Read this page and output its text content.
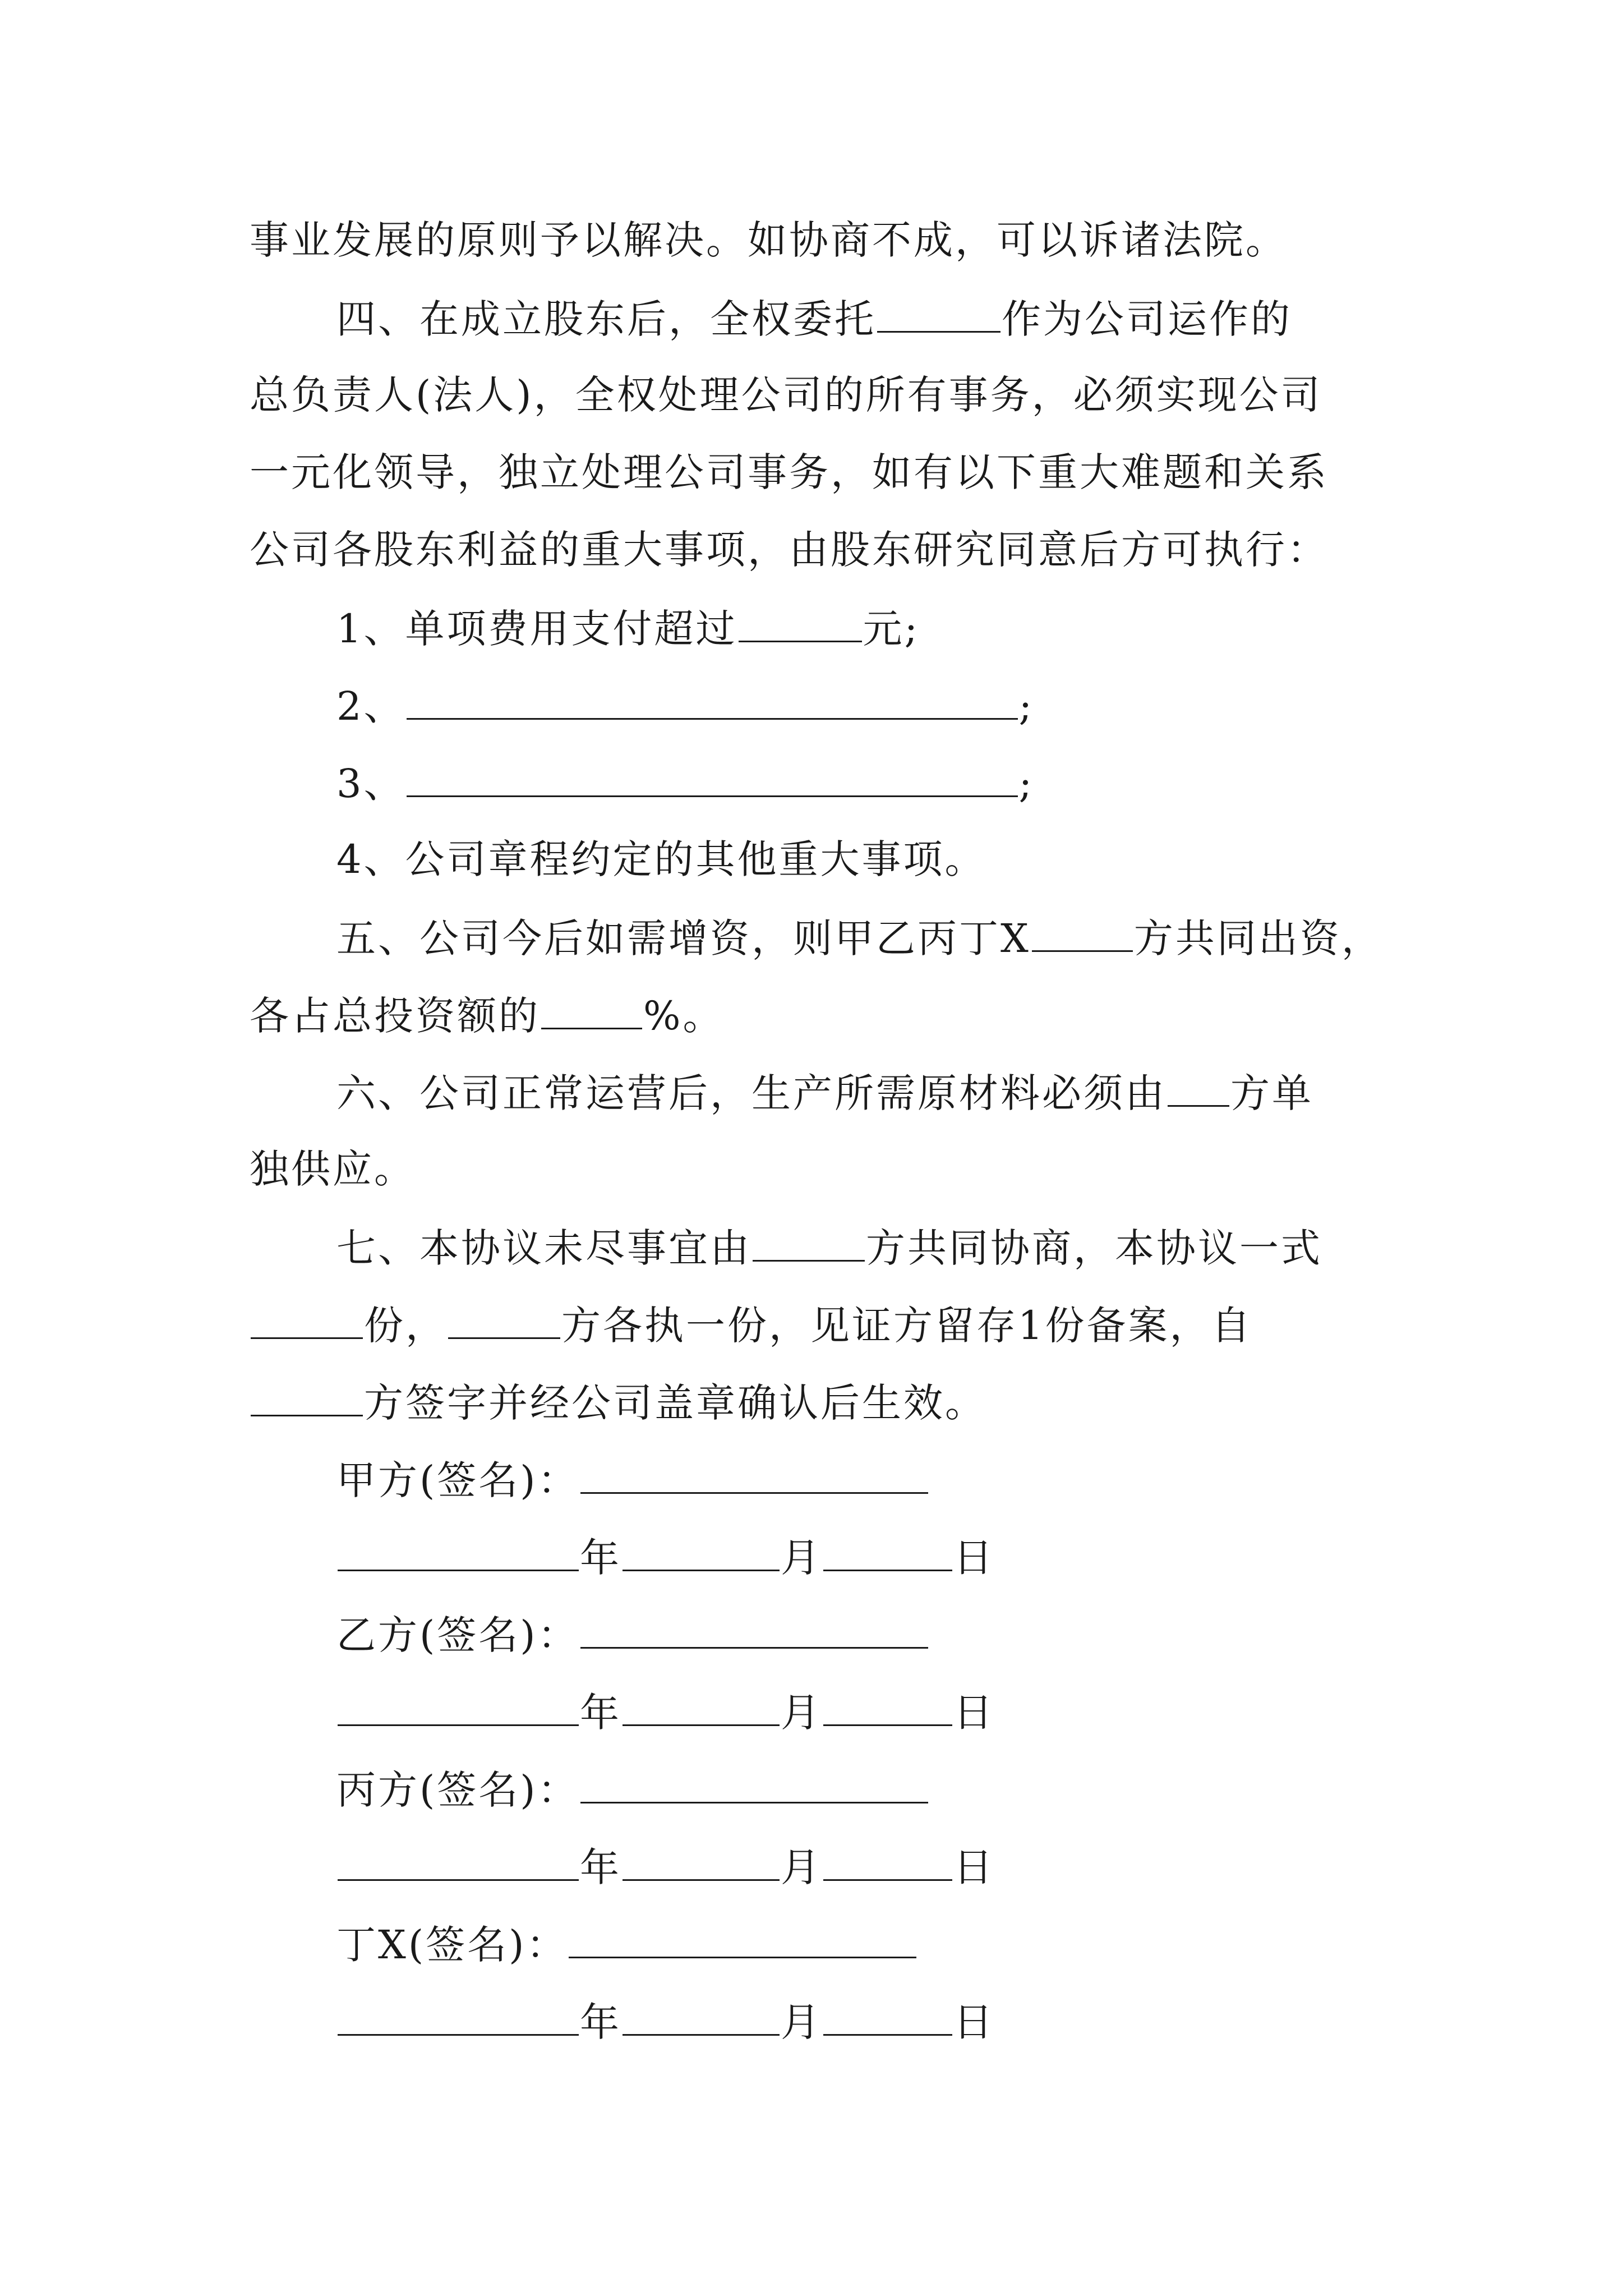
事业发展的原则予以解决。如协商不成，可以诉诸法院。
四、在成立股东后，全权委托	作为公司运作的
总负责人(法人)，全权处理公司的所有事务，必须实现公司
一元化领导，独立处理公司事务，如有以下重大难题和关系
公司各股东利益的重大事项，由股东研究同意后方可执行：
1、单项费用支付超过	元;
2、	;
3、	;
4、公司章程约定的其他重大事项。
五、公司今后如需增资，则甲乙丙丁X	方共同出资，
各占总投资额的	%。
六、公司正常运营后，生产所需原材料必须由 方单
独供应。
七、本协议未尽事宜由	方共同协商，本协议一式
份，	方各执一份，见证方留存1份备案，自
方签字并经公司盖章确认后生效。
甲方(签名)：
年	月	日
乙方(签名)：
年	月	日
丙方(签名)：
年	月	日
丁X(签名)：
年	月	日
